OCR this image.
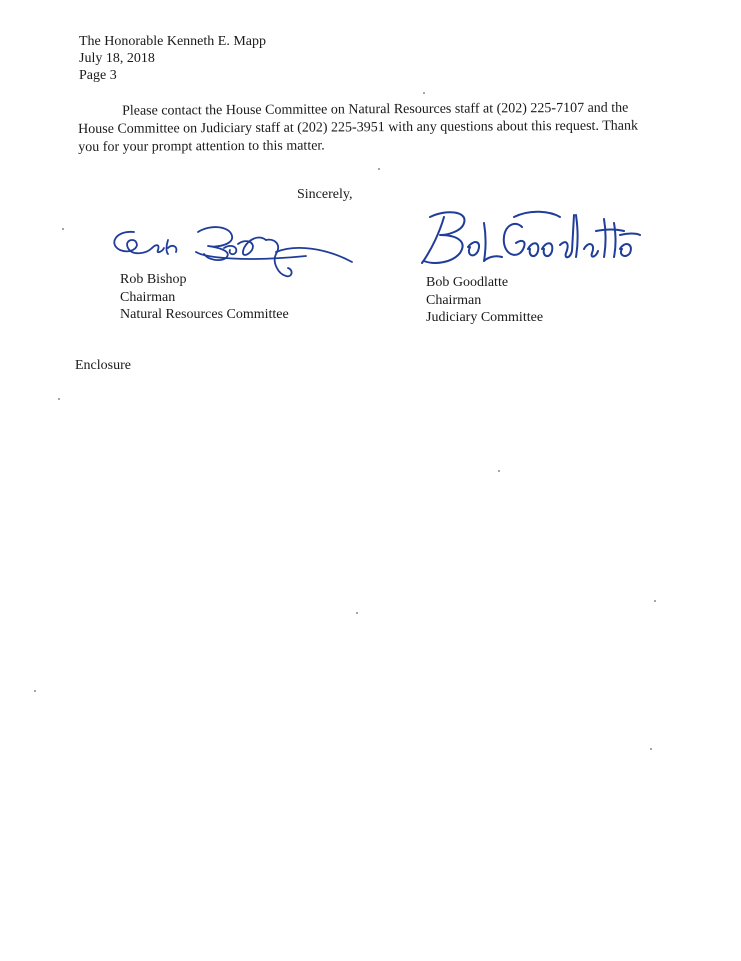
The Honorable Kenneth E. Mapp
July 18, 2018
Page 3
Please contact the House Committee on Natural Resources staff at (202) 225-7107 and the House Committee on Judiciary staff at (202) 225-3951 with any questions about this request. Thank you for your prompt attention to this matter.
Sincerely,
Rob Bishop
Chairman
Natural Resources Committee
Bob Goodlatte
Chairman
Judiciary Committee
Enclosure
